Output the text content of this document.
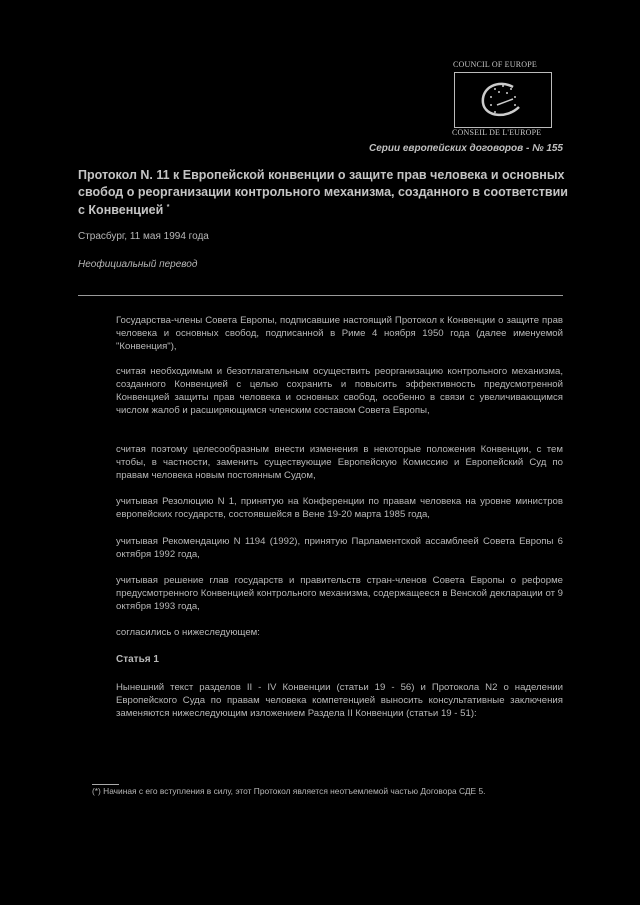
COUNCIL OF EUROPE
CONSEIL DE L'EUROPE
Серии европейских договоров - № 155
Протокол N. 11 к Европейской конвенции о защите прав человека и основных свобод о реорганизации контрольного механизма, созданного в соответствии с Конвенцией *
Страсбург, 11 мая 1994 года
Неофициальный перевод
Государства-члены Совета Европы, подписавшие настоящий Протокол к Конвенции о защите прав человека и основных свобод, подписанной в Риме 4 ноября 1950 года (далее именуемой "Конвенция"),
считая необходимым и безотлагательным осуществить реорганизацию контрольного механизма, созданного Конвенцией с целью сохранить и повысить эффективность предусмотренной Конвенцией защиты прав человека и основных свобод, особенно в связи с увеличивающимся числом жалоб и расширяющимся членским составом Совета Европы,
считая поэтому целесообразным внести изменения в некоторые положения Конвенции, с тем чтобы, в частности, заменить существующие Европейскую Комиссию и Европейский Суд по правам человека новым постоянным Судом,
учитывая Резолюцию N 1, принятую на Конференции по правам человека на уровне министров европейских государств, состоявшейся в Вене 19-20 марта 1985 года,
учитывая Рекомендацию N 1194 (1992), принятую Парламентской ассамблеей Совета Европы 6 октября 1992 года,
учитывая решение глав государств и правительств стран-членов Совета Европы о реформе предусмотренного Конвенцией контрольного механизма, содержащееся в Венской декларации от 9 октября 1993 года,
согласились о нижеследующем:
Статья 1
Нынешний текст разделов II - IV Конвенции (статьи 19 - 56) и Протокола N2 о наделении Европейского Суда по правам человека компетенцией выносить консультативные заключения заменяются нижеследующим изложением Раздела II Конвенции (статьи 19 - 51):
(*) Начиная с его вступления в силу, этот Протокол является неотъемлемой частью Договора СДЕ 5.
